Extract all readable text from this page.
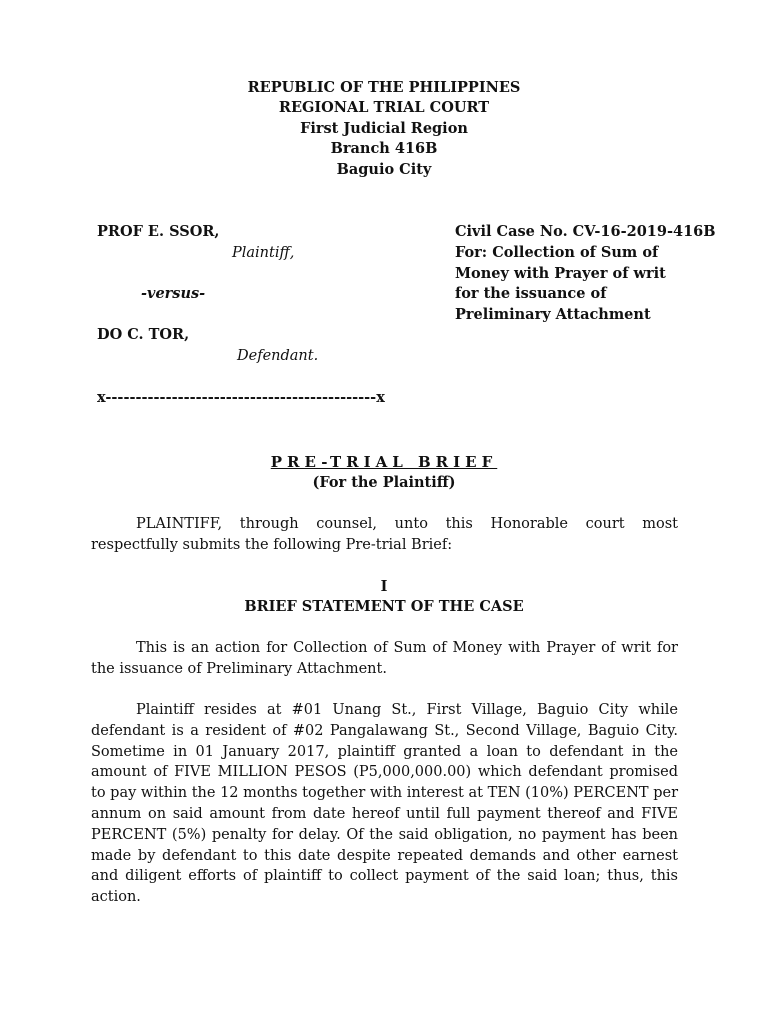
REPUBLIC OF THE PHILIPPINES
REGIONAL TRIAL COURT
First Judicial Region
Branch 416B
Baguio City
PROF E. SSOR,
Plaintiff,
-versus-
DO C. TOR,
Defendant.
x---------------------------------------------x
Civil Case No. CV-16-2019-416B
For: Collection of Sum of
Money with Prayer of writ
for the issuance of
Preliminary Attachment
PRE-TRIAL BRIEF
(For the Plaintiff)
PLAINTIFF, through counsel, unto this Honorable court most respectfully submits the following Pre-trial Brief:
I
BRIEF STATEMENT OF THE CASE
This is an action for Collection of Sum of Money with Prayer of writ for the issuance of Preliminary Attachment.
Plaintiff resides at #01 Unang St., First Village, Baguio City while defendant is a resident of #02 Pangalawang St., Second Village, Baguio City. Sometime in 01 January 2017, plaintiff granted a loan to defendant in the amount of FIVE MILLION PESOS (P5,000,000.00) which defendant promised to pay within the 12 months together with interest at TEN (10%) PERCENT per annum on said amount from date hereof until full payment thereof and FIVE PERCENT (5%) penalty for delay. Of the said obligation, no payment has been made by defendant to this date despite repeated demands and other earnest and diligent efforts of plaintiff to collect payment of the said loan; thus, this action.
